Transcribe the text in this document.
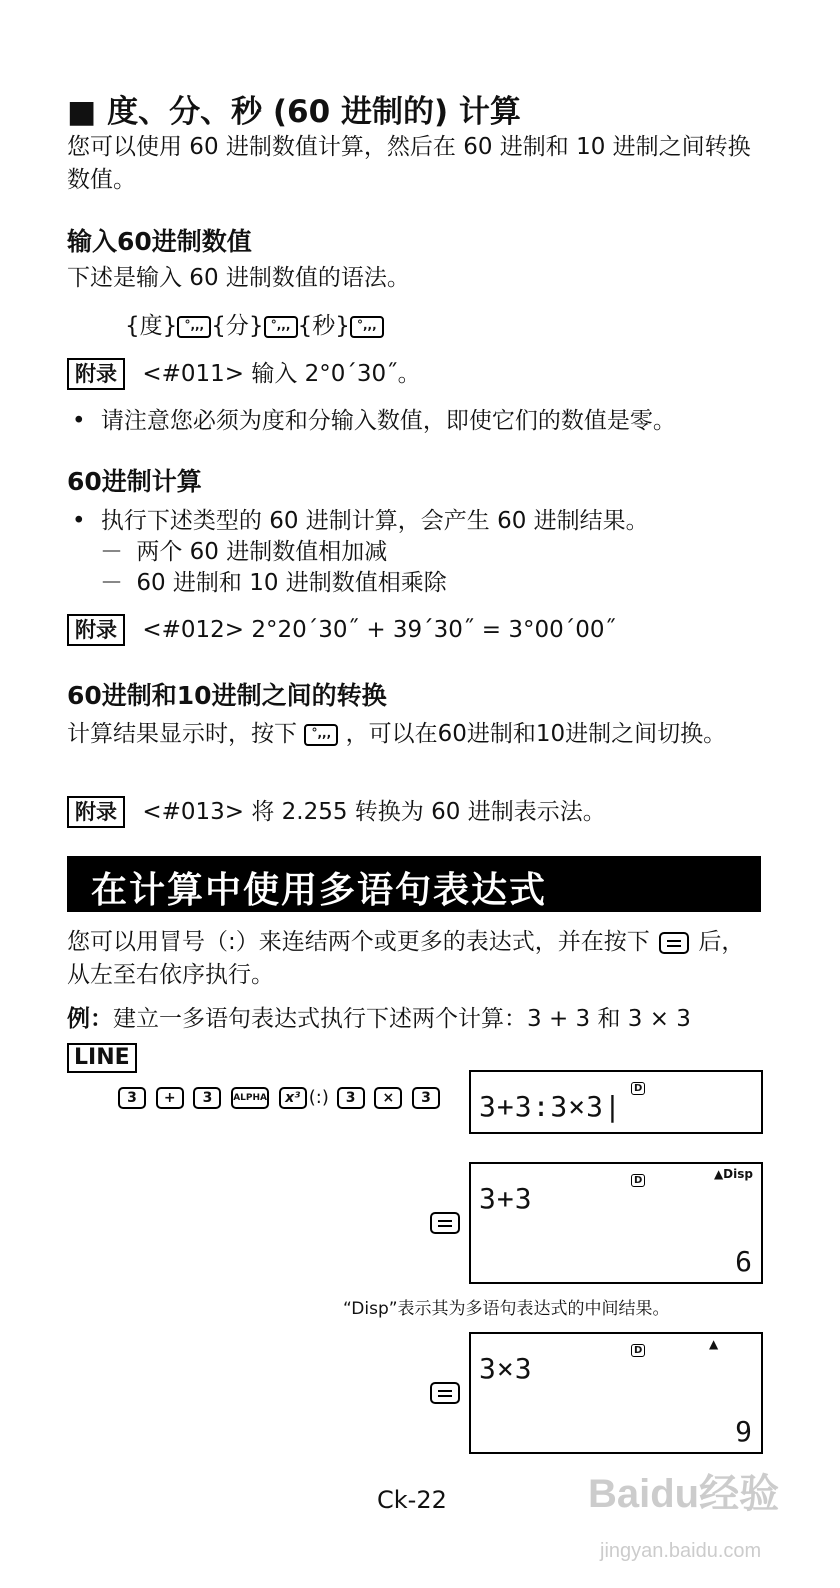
■ 度、分、秒 (60 进制的) 计算
您可以使用 60 进制数值计算，然后在 60 进制和 10 进制之间转换数值。
输入60进制数值
下述是输入 60 进制数值的语法。
{度} °,,, {分} °,,, {秒} °,,,
附录 <#011> 输入 2°0´30˝。
• 请注意您必须为度和分输入数值，即使它们的数值是零。
60进制计算
• 执行下述类型的 60 进制计算，会产生 60 进制结果。
－ 两个 60 进制数值相加减
－ 60 进制和 10 进制数值相乘除
附录 <#012> 2°20´30˝ + 39´30˝ = 3°00´00˝
60进制和10进制之间的转换
计算结果显示时，按下 °,,, ，可以在60进制和10进制之间切换。
附录 <#013> 将 2.255 转换为 60 进制表示法。
在计算中使用多语句表达式
您可以用冒号（:）来连结两个或更多的表达式，并在按下 后，从左至右依序执行。
例：建立一多语句表达式执行下述两个计算：3 + 3 和 3 × 3
LINE
3 + 3 ALPHA x³ (:) 3 × 3
D
3+3:3×3|
D	▲Disp
3+3
6
“Disp”表示其为多语句表达式的中间结果。
D	▲
3×3
9
Ck-22	Baidu经验
jingyan.baidu.com
